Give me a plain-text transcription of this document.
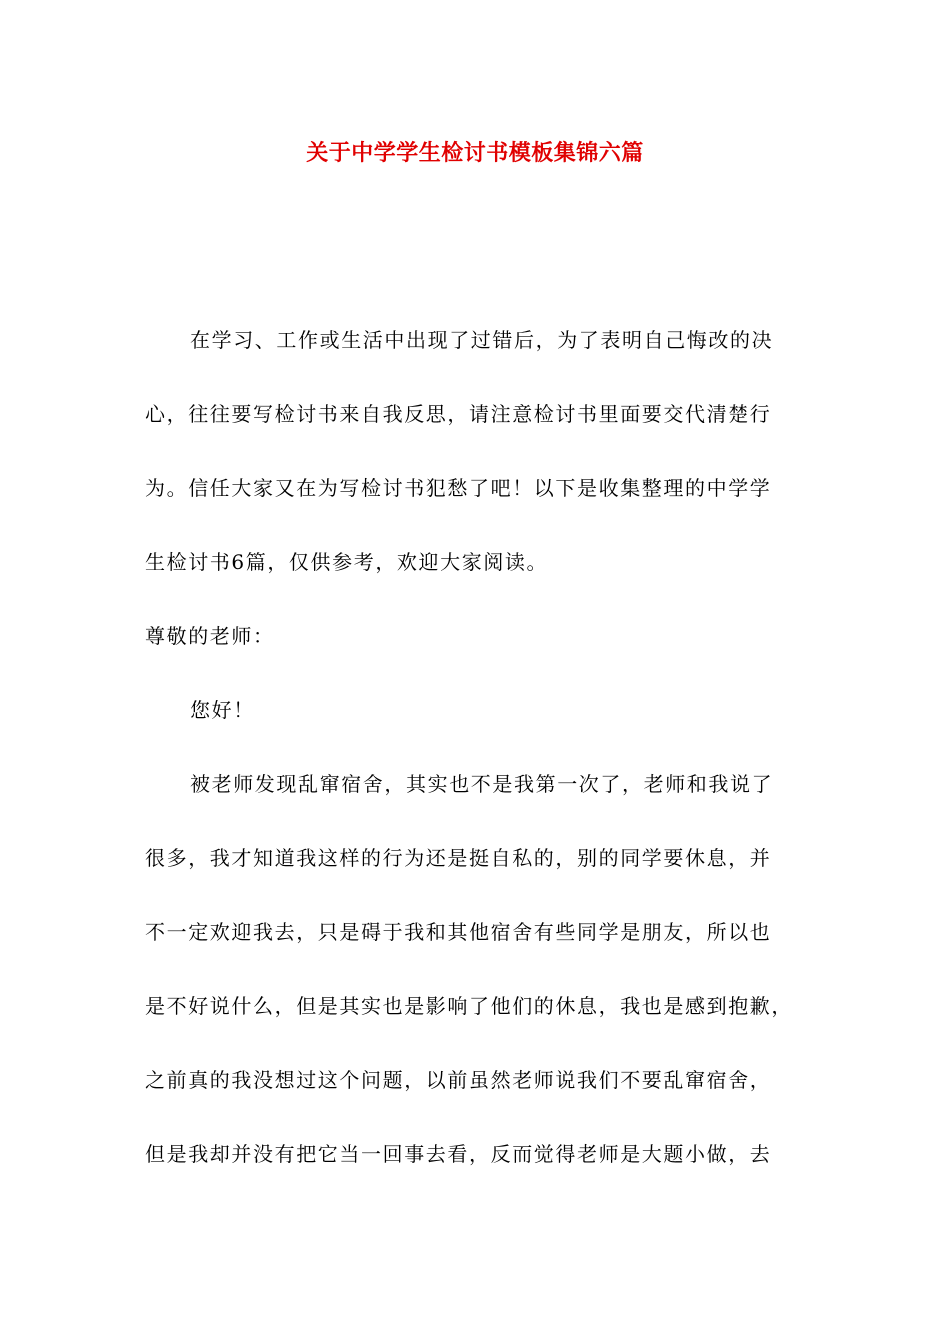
关于中学学生检讨书模板集锦六篇
在学习、工作或生活中出现了过错后，为了表明自己悔改的决
心，往往要写检讨书来自我反思，请注意检讨书里面要交代清楚行
为。信任大家又在为写检讨书犯愁了吧！以下是收集整理的中学学
生检讨书6篇，仅供参考，欢迎大家阅读。
尊敬的老师：
您好！
被老师发现乱窜宿舍，其实也不是我第一次了，老师和我说了
很多，我才知道我这样的行为还是挺自私的，别的同学要休息，并
不一定欢迎我去，只是碍于我和其他宿舍有些同学是朋友，所以也
是不好说什么，但是其实也是影响了他们的休息，我也是感到抱歉，
之前真的我没想过这个问题，以前虽然老师说我们不要乱窜宿舍，
但是我却并没有把它当一回事去看，反而觉得老师是大题小做，去
